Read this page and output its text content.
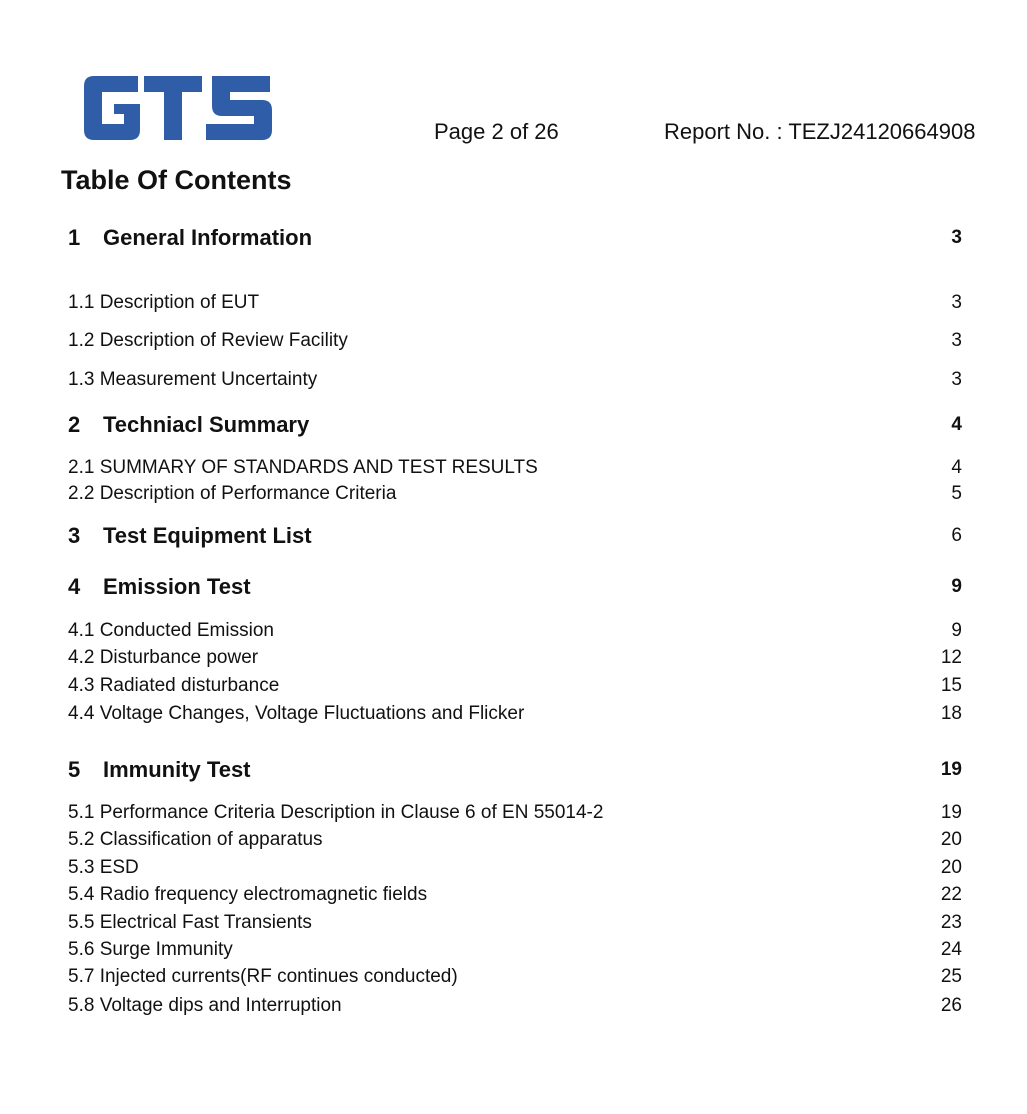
Page 2 of 26	Report No. : TEZJ24120664908
Table Of Contents
1 General Information	3
1.1 Description of EUT	3
1.2 Description of Review Facility	3
1.3 Measurement Uncertainty	3
2 Techniacl Summary	4
2.1 SUMMARY OF STANDARDS AND TEST RESULTS	4
2.2 Description of Performance Criteria	5
3 Test Equipment List	6
4 Emission Test	9
4.1 Conducted Emission	9
4.2 Disturbance power	12
4.3 Radiated disturbance	15
4.4 Voltage Changes, Voltage Fluctuations and Flicker	18
5 Immunity Test	19
5.1 Performance Criteria Description in Clause 6 of EN 55014-2	19
5.2 Classification of apparatus	20
5.3 ESD	20
5.4 Radio frequency electromagnetic fields	22
5.5 Electrical Fast Transients	23
5.6 Surge Immunity	24
5.7 Injected currents(RF continues conducted)	25
5.8 Voltage dips and Interruption	26
